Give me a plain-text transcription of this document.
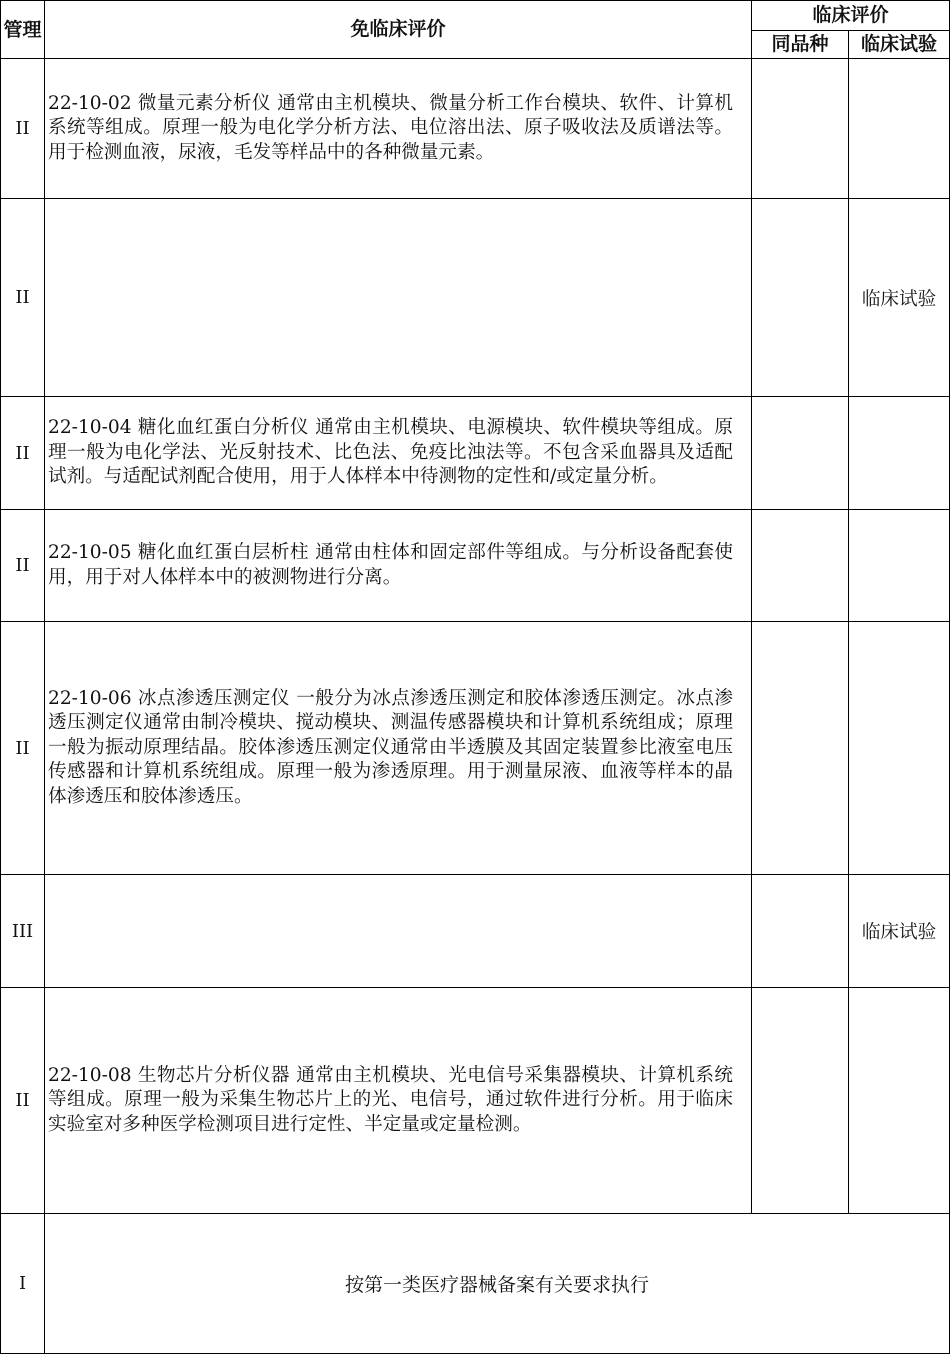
管理	免临床评价	临床评价	
		同品种	临床试验
II	22-10-02 微量元素分析仪 通常由主机模块、微量分析工作台模块、软件、计算机系统等组成。原理一般为电化学分析方法、电位溶出法、原子吸收法及质谱法等。用于检测血液，尿液，毛发等样品中的各种微量元素。		
II			临床试验
II	22-10-04 糖化血红蛋白分析仪 通常由主机模块、电源模块、软件模块等组成。原理一般为电化学法、光反射技术、比色法、免疫比浊法等。不包含采血器具及适配试剂。与适配试剂配合使用，用于人体样本中待测物的定性和/或定量分析。		
II	22-10-05 糖化血红蛋白层析柱 通常由柱体和固定部件等组成。与分析设备配套使用，用于对人体样本中的被测物进行分离。		
II	22-10-06 冰点渗透压测定仪 一般分为冰点渗透压测定和胶体渗透压测定。冰点渗透压测定仪通常由制冷模块、搅动模块、测温传感器模块和计算机系统组成；原理一般为振动原理结晶。胶体渗透压测定仪通常由半透膜及其固定装置参比液室电压传感器和计算机系统组成。原理一般为渗透原理。用于测量尿液、血液等样本的晶体渗透压和胶体渗透压。		
III			临床试验
II	22-10-08 生物芯片分析仪器 通常由主机模块、光电信号采集器模块、计算机系统等组成。原理一般为采集生物芯片上的光、电信号，通过软件进行分析。用于临床实验室对多种医学检测项目进行定性、半定量或定量检测。		
I	按第一类医疗器械备案有关要求执行		
